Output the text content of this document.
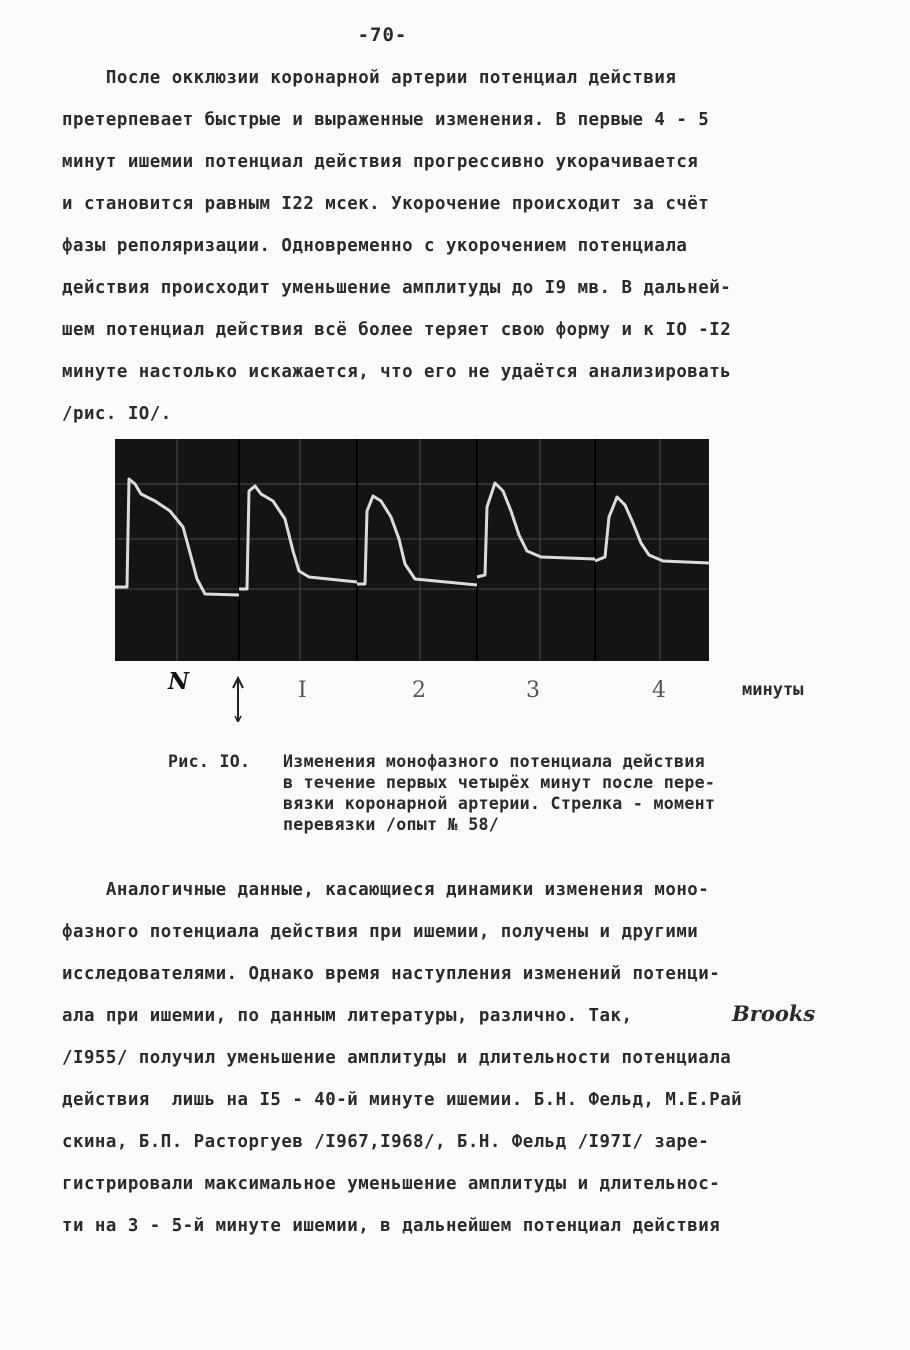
-70-
После окклюзии коронарной артерии потенциал действия
претерпевает быстрые и выраженные изменения. В первые 4 - 5
минут ишемии потенциал действия прогрессивно укорачивается
и становится равным I22 мсек. Укорочение происходит за счёт
фазы реполяризации. Одновременно с укорочением потенциала
действия происходит уменьшение амплитуды до I9 мв. В дальней-
шем потенциал действия всё более теряет свою форму и к IO -I2
минуте настолько искажается, что его не удаётся анализировать
/рис. IO/.
N	I	2	3	4	минуты
Рис. IO. Изменения монофазного потенциала действия
в течение первых четырёх минут после пере-
вязки коронарной артерии. Стрелка - момент
перевязки /опыт № 58/
Аналогичные данные, касающиеся динамики изменения моно-
фазного потенциала действия при ишемии, получены и другими
исследователями. Однако время наступления изменений потенци-
ала при ишемии, по данным литературы, различно. Так,	Brooks
/I955/ получил уменьшение амплитуды и длительности потенциала
действия  лишь на I5 - 40-й минуте ишемии. Б.Н. Фельд, М.Е.Рай
скина, Б.П. Расторгуев /I967,I968/, Б.Н. Фельд /I97I/ заре-
гистрировали максимальное уменьшение амплитуды и длительнос-
ти на 3 - 5-й минуте ишемии, в дальнейшем потенциал действия
